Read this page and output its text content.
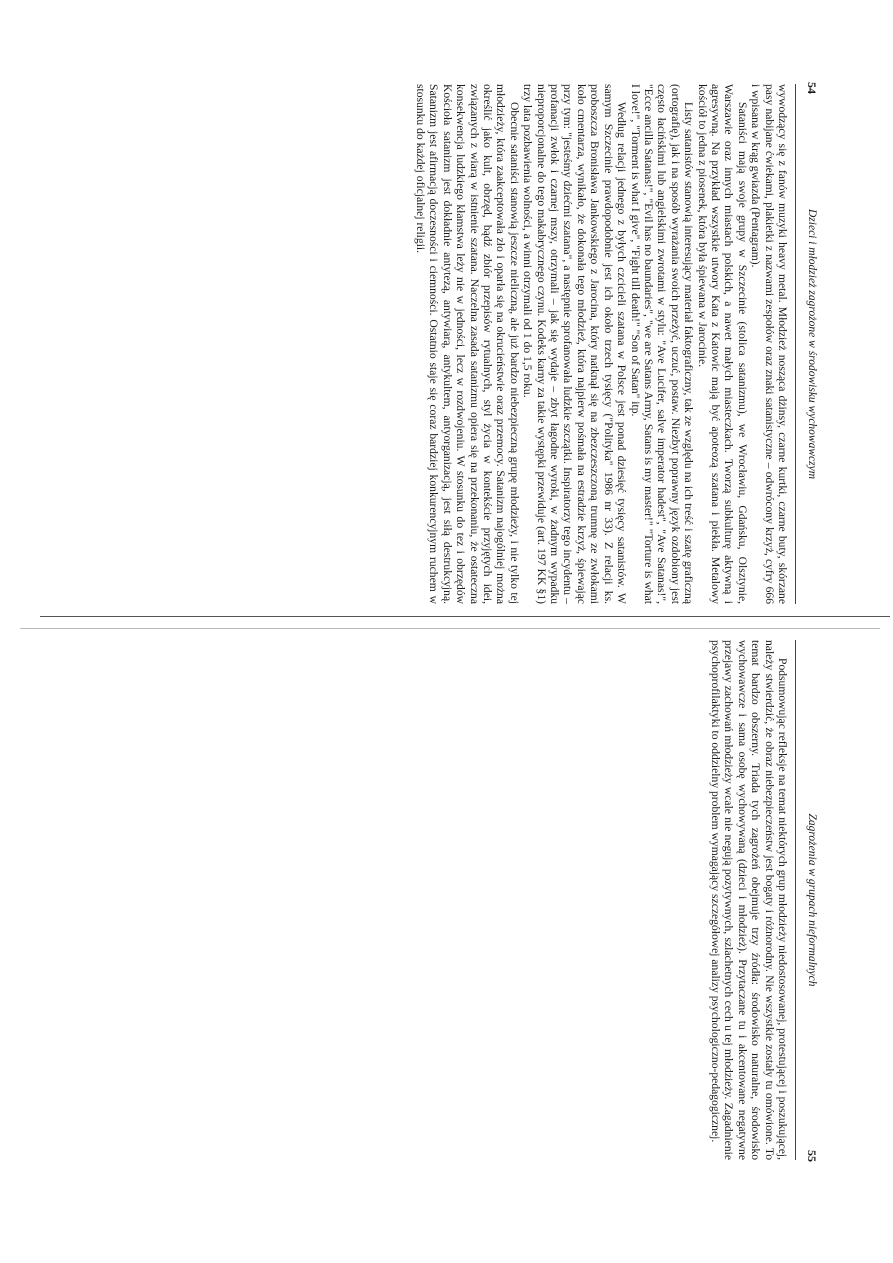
54
Dzieci i młodzież zagrożone w środowisku wychowawczym

wywodzący się z fanów muzyki heavy metal. Młodzież nosząca dżinsy, czarne kurtki, czarne buty, skórzane pasy nabijane ćwiekami, plakietki z nazwami zespołów oraz znaki satanistyczne – odwrócony krzyż, cyfry 666 i wpisana w krąg gwiazda (Pentagram).

Sataniści mają swoje grupy w Szczecinie (stolica satanizmu), we Wrocławiu, Gdańsku, Olsztynie, Warszawie oraz innych miastach polskich, a nawet małych miasteczkach. Tworzą subkulturę aktywną i agresywną. Na przykład wszystkie utwory Kata z Katowic mają być apoteozą szatana i piekła. Metalowy kościół to jedna z piosenek, która była śpiewana w Jarocinie.

Listy satanistów stanowią interesujący materiał faktograficzny, tak ze względu na ich treść i szatę graficzną (ortografię), jak i na sposób wyrażania swoich przeżyć, uczuć, postaw. Niezbyt poprawny język ozdobiony jest często łacińskimi lub angielskimi zwrotami w stylu: "Ave Lucifer, salve imperator hadest", "Ave Satanas!", "Ecce ancilla Satanas!", "Evil has no baundaries", "we are Satans Army, Satans is my master!" "Torture is what I love!", "Torment is what I give", "Fight till death!" "Son of Satan" itp.

Według relacji jednego z byłych czcicieli szatana w Polsce jest ponad dziesięć tysięcy satanistów. W samym Szczecinie prawdopodobnie jest ich około trzech tysięcy ("Polityka" 1986 nr 33). Z relacji ks. proboszcza Bronisława Jankowskiego z Jarocina, który natknął się na zbezczeszczoną trumnę ze zwłokami koło cmentarza, wynikało, że dokonała tego młodzież, która najpierw pośmała na estradzie krzyż, śpiewając przy tym: "jesteśmy dziećmi szatana", a następnie sprofanowała ludzkie szczątki. Inspiratorzy tego incydentu – profanacji zwłok i czarnej mszy, otrzymali – jak się wydaje – zbyt łagodne wyroki, w żadnym wypadku nieproporcjonalne do tego makabrycznego czynu. Kodeks karny za takie występki przewiduje (art. 197 KK §1) trzy lata pozbawienia wolności, a winni otrzymali od 1 do 1,5 roku.

Obecnie sataniści stanowią jeszcze nieliczną, ale już bardzo niebezpieczną grupę młodzieży, i nie tylko tej młodzieży, która zaakceptowała zło i oparła się na okrucieństwie oraz przemocy. Satanizm najogólniej można określić jako kult, obrzęd, bądź zbiór przepisów rytualnych, styl życia w kontekście przyjętych idei, związanych z wiarą w istnienie szatana. Naczelna zasada satanizmu opiera się na przekonaniu, że ostateczna konsekwencja ludzkiego kłamstwa leży nie w jedności, lecz w rozdwojeniu. W stosunku do tez i obrzędów Kościoła satanizm jest dokładnie antytezą, antywiarą, antykultem, antyorganizacją, jest siłą destrukcyjną. Satanizm jest afirmacją doczesności i ciemności. Ostatnio staje się coraz bardziej konkurencyjnym ruchem w stosunku do każdej oficjalnej religii.

Zagrożenia w grupach nieformalnych
55

Podsumowując refleksje na temat niektórych grup młodzieży niedostosowanej, protestującej i poszukującej, należy stwierdzić, że obraz niebezpieczeństw jest bogaty i różnorodny. Nie wszystkie zostały tu omówione. To temat bardzo obszerny. Triada tych zagrożeń obejmuje trzy źródła: środowisko naturalne, środowisko wychowawcze i sama osobę wychowywaną (dzieci i młodzież). Przytaczane tu i akcentowane negatywne przejawy zachowań młodzieży wcale nie negują pozytywnych, szlachetnych cech u tej młodzieży. Zagadnienie psychoprofilaktyki to oddzielny problem wymagający szczegółowej analizy psychologiczno-pedagogicznej.
